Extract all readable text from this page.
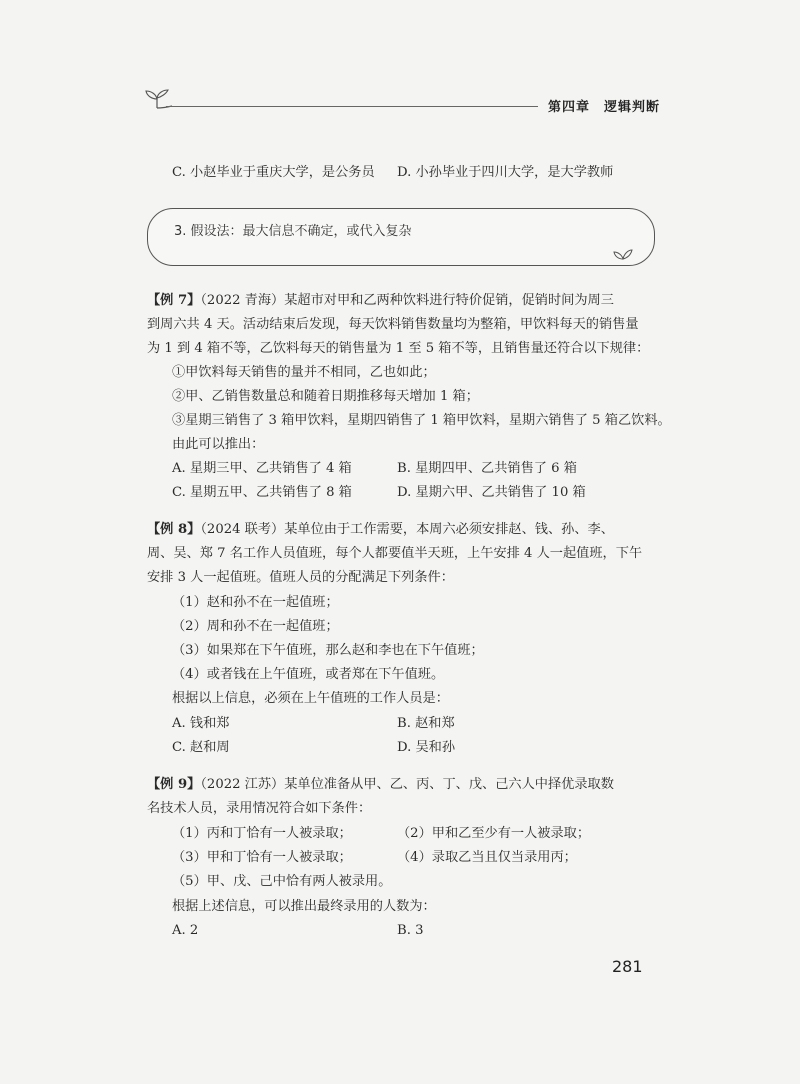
第四章 逻辑判断
C. 小赵毕业于重庆大学，是公务员 D. 小孙毕业于四川大学，是大学教师
3. 假设法：最大信息不确定，或代入复杂
【例 7】（2022 青海）某超市对甲和乙两种饮料进行特价促销，促销时间为周三
到周六共 4 天。活动结束后发现，每天饮料销售数量均为整箱，甲饮料每天的销售量
为 1 到 4 箱不等，乙饮料每天的销售量为 1 至 5 箱不等，且销售量还符合以下规律：
①甲饮料每天销售的量并不相同，乙也如此；
②甲、乙销售数量总和随着日期推移每天增加 1 箱；
③星期三销售了 3 箱甲饮料，星期四销售了 1 箱甲饮料，星期六销售了 5 箱乙饮料。
由此可以推出：
A. 星期三甲、乙共销售了 4 箱	B. 星期四甲、乙共销售了 6 箱
C. 星期五甲、乙共销售了 8 箱	D. 星期六甲、乙共销售了 10 箱
【例 8】（2024 联考）某单位由于工作需要，本周六必须安排赵、钱、孙、李、
周、吴、郑 7 名工作人员值班，每个人都要值半天班，上午安排 4 人一起值班，下午
安排 3 人一起值班。值班人员的分配满足下列条件：
（1）赵和孙不在一起值班；
（2）周和孙不在一起值班；
（3）如果郑在下午值班，那么赵和李也在下午值班；
（4）或者钱在上午值班，或者郑在下午值班。
根据以上信息，必须在上午值班的工作人员是：
A. 钱和郑	B. 赵和郑
C. 赵和周	D. 吴和孙
【例 9】（2022 江苏）某单位准备从甲、乙、丙、丁、戊、己六人中择优录取数
名技术人员，录用情况符合如下条件：
（1）丙和丁恰有一人被录取；	（2）甲和乙至少有一人被录取；
（3）甲和丁恰有一人被录取；	（4）录取乙当且仅当录用丙；
（5）甲、戊、己中恰有两人被录用。
根据上述信息，可以推出最终录用的人数为：
A. 2	B. 3
281
